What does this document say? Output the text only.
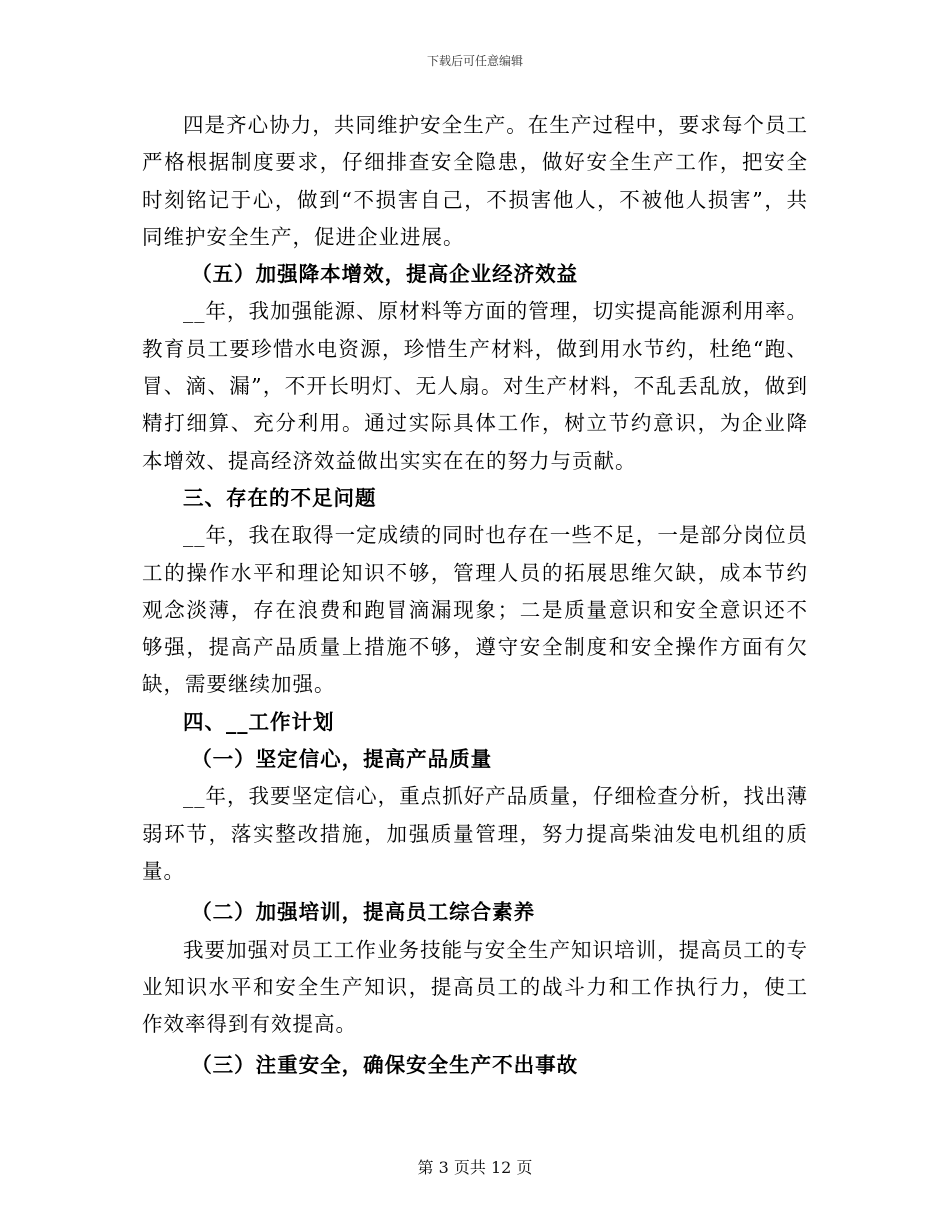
下载后可任意编辑

四是齐心协力，共同维护安全生产。在生产过程中，要求每个员工严格根据制度要求，仔细排查安全隐患，做好安全生产工作，把安全时刻铭记于心，做到“不损害自己，不损害他人，不被他人损害”，共同维护安全生产，促进企业进展。

（五）加强降本增效，提高企业经济效益

__年，我加强能源、原材料等方面的管理，切实提高能源利用率。教育员工要珍惜水电资源，珍惜生产材料，做到用水节约，杜绝“跑、冒、滴、漏”，不开长明灯、无人扇。对生产材料，不乱丢乱放，做到精打细算、充分利用。通过实际具体工作，树立节约意识，为企业降本增效、提高经济效益做出实实在在的努力与贡献。

三、存在的不足问题

__年，我在取得一定成绩的同时也存在一些不足，一是部分岗位员工的操作水平和理论知识不够，管理人员的拓展思维欠缺，成本节约观念淡薄，存在浪费和跑冒滴漏现象；二是质量意识和安全意识还不够强，提高产品质量上措施不够，遵守安全制度和安全操作方面有欠缺，需要继续加强。

四、__工作计划

（一）坚定信心，提高产品质量

__年，我要坚定信心，重点抓好产品质量，仔细检查分析，找出薄弱环节，落实整改措施，加强质量管理，努力提高柴油发电机组的质量。

（二）加强培训，提高员工综合素养

我要加强对员工工作业务技能与安全生产知识培训，提高员工的专业知识水平和安全生产知识，提高员工的战斗力和工作执行力，使工作效率得到有效提高。

（三）注重安全，确保安全生产不出事故

第 3 页共 12 页
